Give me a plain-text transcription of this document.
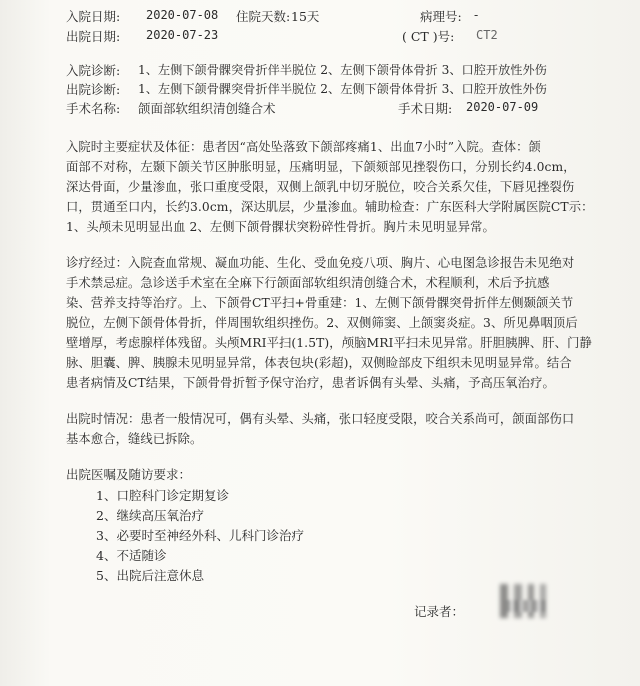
入院日期: 2020-07-08 住院天数: 15天	病理号: -
出院日期: 2020-07-23	( CT )号: CT2
入院诊断: 1、左侧下颌骨髁突骨折伴半脱位 2、左侧下颌骨体骨折 3、口腔开放性外伤
出院诊断: 1、左侧下颌骨髁突骨折伴半脱位 2、左侧下颌骨体骨折 3、口腔开放性外伤
手术名称: 颌面部软组织清创缝合术	手术日期: 2020-07-09
入院时主要症状及体征：患者因“高处坠落致下颌部疼痛1、出血7小时”入院。查体：颌
面部不对称，左颞下颌关节区肿胀明显，压痛明显，下颌颏部见挫裂伤口，分别长约4.0cm，
深达骨面，少量渗血，张口重度受限，双侧上颌乳中切牙脱位，咬合关系欠佳，下唇见挫裂伤
口，贯通至口内，长约3.0cm，深达肌层，少量渗血。辅助检查：广东医科大学附属医院CT示：
1、头颅未见明显出血 2、左侧下颌骨髁状突粉碎性骨折。胸片未见明显异常。
诊疗经过：入院查血常规、凝血功能、生化、受血免疫八项、胸片、心电图急诊报告未见绝对
手术禁忌症。急诊送手术室在全麻下行颌面部软组织清创缝合术，术程顺利，术后予抗感
染、营养支持等治疗。上、下颌骨CT平扫+骨重建：1、左侧下颌骨髁突骨折伴左侧颞颌关节
脱位，左侧下颌骨体骨折，伴周围软组织挫伤。2、双侧筛窦、上颌窦炎症。3、所见鼻咽顶后
壁增厚，考虑腺样体残留。头颅MRI平扫(1.5T)，颅脑MRI平扫未见异常。肝胆胰脾、肝、门静
脉、胆囊、脾、胰腺未见明显异常，体表包块(彩超)，双侧睑部皮下组织未见明显异常。结合
患者病情及CT结果，下颌骨骨折暂予保守治疗，患者诉偶有头晕、头痛，予高压氧治疗。
出院时情况：患者一般情况可，偶有头晕、头痛，张口轻度受限，咬合关系尚可，颌面部伤口
基本愈合，缝线已拆除。
出院医嘱及随访要求：
1、口腔科门诊定期复诊
2、继续高压氧治疗
3、必要时至神经外科、儿科门诊治疗
4、不适随诊
5、出院后注意休息
记录者：
